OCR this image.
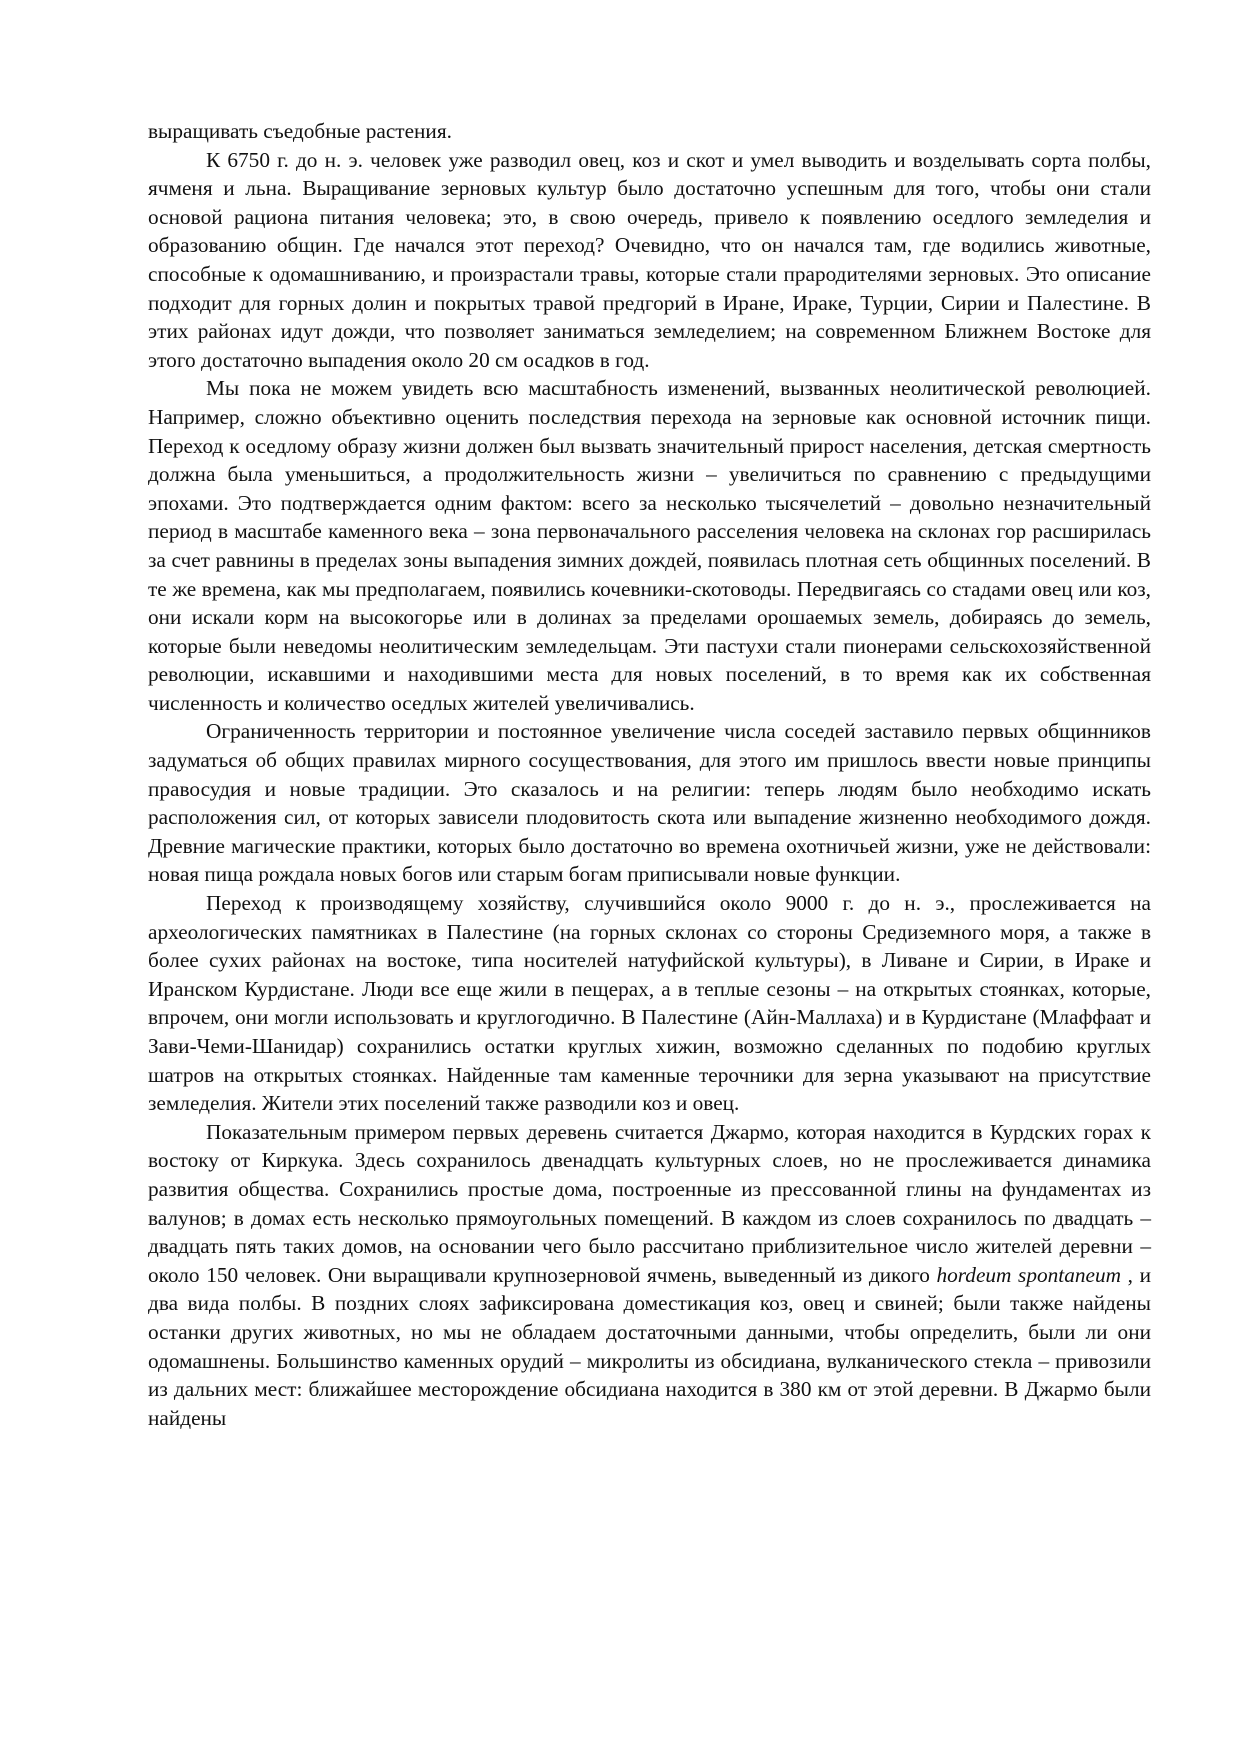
выращивать съедобные растения.

К 6750 г. до н. э. человек уже разводил овец, коз и скот и умел выводить и возделывать сорта полбы, ячменя и льна. Выращивание зерновых культур было достаточно успешным для того, чтобы они стали основой рациона питания человека; это, в свою очередь, привело к появлению оседлого земледелия и образованию общин. Где начался этот переход? Очевидно, что он начался там, где водились животные, способные к одомашниванию, и произрастали травы, которые стали прародителями зерновых. Это описание подходит для горных долин и покрытых травой предгорий в Иране, Ираке, Турции, Сирии и Палестине. В этих районах идут дожди, что позволяет заниматься земледелием; на современном Ближнем Востоке для этого достаточно выпадения около 20 см осадков в год.

Мы пока не можем увидеть всю масштабность изменений, вызванных неолитической революцией. Например, сложно объективно оценить последствия перехода на зерновые как основной источник пищи. Переход к оседлому образу жизни должен был вызвать значительный прирост населения, детская смертность должна была уменьшиться, а продолжительность жизни – увеличиться по сравнению с предыдущими эпохами. Это подтверждается одним фактом: всего за несколько тысячелетий – довольно незначительный период в масштабе каменного века – зона первоначального расселения человека на склонах гор расширилась за счет равнины в пределах зоны выпадения зимних дождей, появилась плотная сеть общинных поселений. В те же времена, как мы предполагаем, появились кочевники-скотоводы. Передвигаясь со стадами овец или коз, они искали корм на высокогорье или в долинах за пределами орошаемых земель, добираясь до земель, которые были неведомы неолитическим земледельцам. Эти пастухи стали пионерами сельскохозяйственной революции, искавшими и находившими места для новых поселений, в то время как их собственная численность и количество оседлых жителей увеличивались.

Ограниченность территории и постоянное увеличение числа соседей заставило первых общинников задуматься об общих правилах мирного сосуществования, для этого им пришлось ввести новые принципы правосудия и новые традиции. Это сказалось и на религии: теперь людям было необходимо искать расположения сил, от которых зависели плодовитость скота или выпадение жизненно необходимого дождя. Древние магические практики, которых было достаточно во времена охотничьей жизни, уже не действовали: новая пища рождала новых богов или старым богам приписывали новые функции.

Переход к производящему хозяйству, случившийся около 9000 г. до н. э., прослеживается на археологических памятниках в Палестине (на горных склонах со стороны Средиземного моря, а также в более сухих районах на востоке, типа носителей натуфийской культуры), в Ливане и Сирии, в Ираке и Иранском Курдистане. Люди все еще жили в пещерах, а в теплые сезоны – на открытых стоянках, которые, впрочем, они могли использовать и круглогодично. В Палестине (Айн-Маллаха) и в Курдистане (Млаффаат и Зави-Чеми-Шанидар) сохранились остатки круглых хижин, возможно сделанных по подобию круглых шатров на открытых стоянках. Найденные там каменные терочники для зерна указывают на присутствие земледелия. Жители этих поселений также разводили коз и овец.

Показательным примером первых деревень считается Джармо, которая находится в Курдских горах к востоку от Киркука. Здесь сохранилось двенадцать культурных слоев, но не прослеживается динамика развития общества. Сохранились простые дома, построенные из прессованной глины на фундаментах из валунов; в домах есть несколько прямоугольных помещений. В каждом из слоев сохранилось по двадцать – двадцать пять таких домов, на основании чего было рассчитано приблизительное число жителей деревни – около 150 человек. Они выращивали крупнозерновой ячмень, выведенный из дикого hordeum spontaneum , и два вида полбы. В поздних слоях зафиксирована доместикация коз, овец и свиней; были также найдены останки других животных, но мы не обладаем достаточными данными, чтобы определить, были ли они одомашнены. Большинство каменных орудий – микролиты из обсидиана, вулканического стекла – привозили из дальних мест: ближайшее месторождение обсидиана находится в 380 км от этой деревни. В Джармо были найдены
